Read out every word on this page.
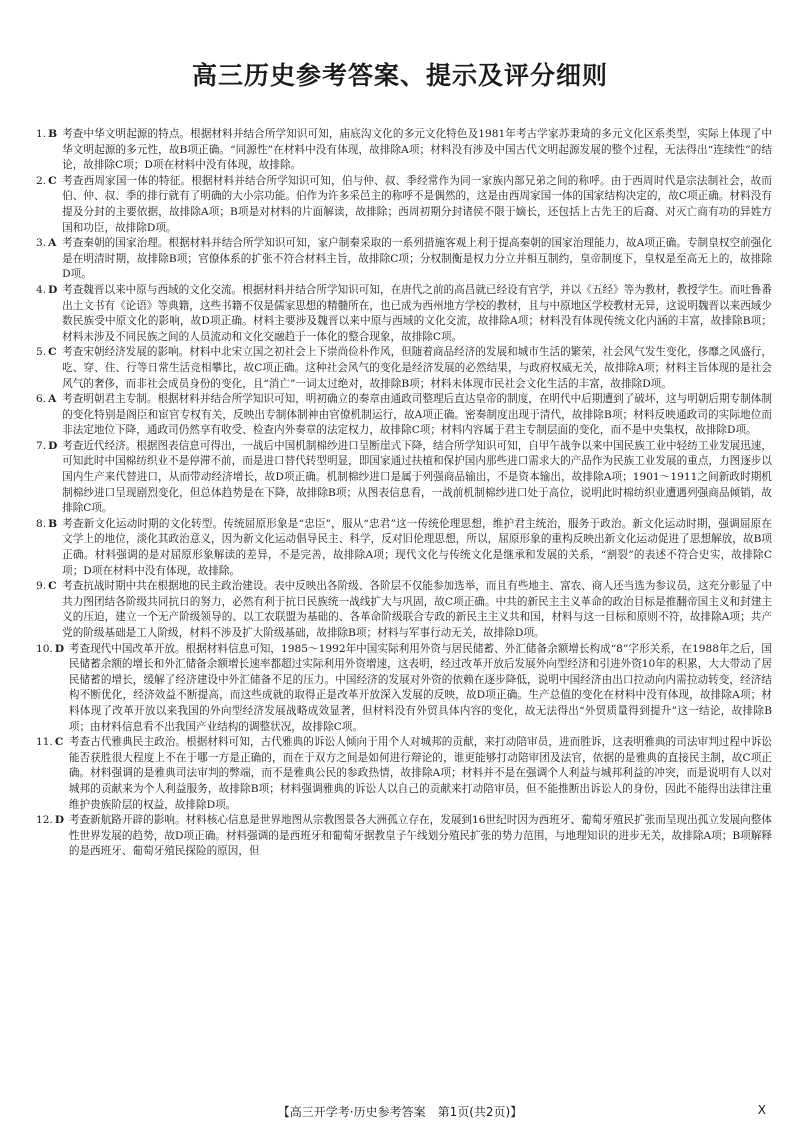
高三历史参考答案、提示及评分细则
1. B 考查中华文明起源的特点。根据材料并结合所学知识可知，庙底沟文化的多元文化特色及1981年考古学家苏秉琦的多元文化区系类型，实际上体现了中华文明起源的多元性，故B项正确。“同源性”在材料中没有体现，故排除A项；材料没有涉及中国古代文明起源发展的整个过程，无法得出“连续性”的结论，故排除C项；D项在材料中没有体现，故排除。
2. C 考查西周家国一体的特征。根据材料并结合所学知识可知，伯与仲、叔、季经常作为同一家族内部兄弟之间的称呼。由于西周时代是宗法制社会，故而伯、仲、叔、季的排行就有了明确的大小宗功能。伯作为许多采邑主的称呼不是偶然的，这是由西周家国一体的国家结构决定的，故C项正确。材料没有提及分封的主要依据，故排除A项；B项是对材料的片面解读，故排除；西周初期分封诸侯不限于嫡长，还包括上古先王的后裔、对灭亡商有功的异姓方国和功臣，故排除D项。
3. A 考查秦朝的国家治理。根据材料并结合所学知识可知，家户制秦采取的一系列措施客观上利于提高秦朝的国家治理能力，故A项正确。专制皇权空前强化是在明清时期，故排除B项；官僚体系的扩张不符合材料主旨，故排除C项；分权制衡是权力分立并相互制约，皇帝制度下，皇权是至高无上的，故排除D项。
4. D 考查魏晋以来中原与西域的文化交流。根据材料并结合所学知识可知，在唐代之前的高昌就已经设有官学，并以《五经》等为教材，教授学生。而吐鲁番出土文书有《论语》等典籍，这些书籍不仅是儒家思想的精髓所在，也已成为西州地方学校的教材，且与中原地区学校教材无异，这说明魏晋以来西域少数民族受中原文化的影响，故D项正确。材料主要涉及魏晋以来中原与西域的文化交流，故排除A项；材料没有体现传统文化内涵的丰富，故排除B项；材料未涉及不同民族之间的人员流动和文化交融趋于一体化的整合现象，故排除C项。
5. C 考查宋朝经济发展的影响。材料中北宋立国之初社会上下崇尚俭朴作风，但随着商品经济的发展和城市生活的繁荣，社会风气发生变化，侈靡之风盛行，吃、穿、住、行等日常生活竞相攀比，故C项正确。这种社会风气的变化是经济发展的必然结果，与政府权威无关，故排除A项；材料主旨体现的是社会风气的奢侈，而非社会成员身份的变化，且“消亡”一词太过绝对，故排除B项；材料未体现市民社会文化生活的丰富，故排除D项。
6. A 考查明朝君主专制。根据材料并结合所学知识可知，明初确立的奏章由通政司整理后直达皇帝的制度，在明代中后期遭到了破坏，这与明朝后期专制体制的变化特别是阁臣和宦官专权有关，反映出专制体制神由官僚机制运行，故A项正确。密奏制度出现于清代，故排除B项；材料反映通政司的实际地位而非法定地位下降，通政司仍然享有收受、检查内外奏章的法定权力，故排除C项；材料内容属于君主专制层面的变化，而不是中央集权，故排除D项。
7. D 考查近代经济。根据图表信息可得出，一战后中国机制棉纱进口呈断崖式下降，结合所学知识可知，自甲午战争以来中国民族工业中轻纺工业发展迅速，可知此时中国棉纺织业不是停滞不前，而是进口替代转型明显，即国家通过扶植和保护国内那些进口需求大的产品作为民族工业发展的重点，力图逐步以国内生产来代替进口，从而带动经济增长，故D项正确。机制棉纱进口是属于列强商品输出，不是资本输出，故排除A项；1901～1911之间新政时期机制棉纱进口呈现剧烈变化，但总体趋势是在下降，故排除B项；从图表信息看，一战前机制棉纱进口处于高位，说明此时棉纺织业遭遇列强商品倾销，故排除C项。
8. B 考查新文化运动时期的文化转型。传统屈原形象是“忠臣”，服从“忠君”这一传统伦理思想，维护君主统治，服务于政治。新文化运动时期，强调屈原在文学上的地位，淡化其政治意义，因为新文化运动倡导民主、科学，反对旧伦理思想，所以，屈原形象的重构反映出新文化运动促进了思想解放，故B项正确。材料强调的是对屈原形象解读的差异，不是完善，故排除A项；现代文化与传统文化是继承和发展的关系，“割裂”的表述不符合史实，故排除C项；D项在材料中没有体现，故排除。
9. C 考查抗战时期中共在根据地的民主政治建设。表中反映出各阶级、各阶层不仅能参加选举，而且有些地主、富农、商人还当选为参议员，这充分彰显了中共力图团结各阶级共同抗日的努力，必然有利于抗日民族统一战线扩大与巩固，故C项正确。中共的新民主主义革命的政治目标是推翻帝国主义和封建主义的压迫，建立一个无产阶级领导的、以工农联盟为基础的、各革命阶级联合专政的新民主主义共和国，材料与这一目标和原则不符，故排除A项；共产党的阶级基础是工人阶级，材料不涉及扩大阶级基础，故排除B项；材料与军事行动无关，故排除D项。
10. D 考查现代中国改革开放。根据材料信息可知，1985～1992年中国实际利用外资与居民储蓄、外汇储备余额增长构成“8”字形关系，在1988年之后，国民储蓄余额的增长和外汇储备余额增长速率都超过实际利用外资增速，这表明，经过改革开放后发展外向型经济和引进外资10年的积累，大大带动了居民储蓄的增长，缓解了经济建设中外汇储备不足的压力。中国经济的发展对外资的依赖在逐步降低，说明中国经济由出口拉动向内需拉动转变，经济结构不断优化，经济效益不断提高，而这些成就的取得正是改革开放深入发展的反映，故D项正确。生产总值的变化在材料中没有体现，故排除A项；材料体现了改革开放以来我国的外向型经济发展战略成效显著，但材料没有外贸具体内容的变化，故无法得出“外贸质量得到提升”这一结论，故排除B项；由材料信息看不出我国产业结构的调整状况，故排除C项。
11. C 考查古代雅典民主政治。根据材料可知，古代雅典的诉讼人倾向于用个人对城邦的贡献，来打动陪审员，进而胜诉，这表明雅典的司法审判过程中诉讼能否获胜很大程度上不在于哪一方是正确的，而在于双方之间是如何进行辩论的，谁更能够打动陪审团及法官，依据的是雅典的直接民主制，故C项正确。材料强调的是雅典司法审判的弊端，而不是雅典公民的参政热情，故排除A项；材料并不是在强调个人利益与城邦利益的冲突，而是说明有人以对城邦的贡献来为个人利益服务，故排除B项；材料强调雅典的诉讼人以自己的贡献来打动陪审员，但不能推断出诉讼人的身份，因此不能得出法律注重维护贵族阶层的权益，故排除D项。
12. D 考查新航路开辟的影响。材料核心信息是世界地图从宗教图景各大洲孤立存在，发展到16世纪时因为西班牙、葡萄牙殖民扩张而呈现出孤立发展向整体性世界发展的趋势，故D项正确。材料强调的是西班牙和葡萄牙据教皇子午线划分殖民扩张的势力范围，与地理知识的进步无关，故排除A项；B项解释的是西班牙、葡萄牙殖民探险的原因，但
【高三开学考·历史参考答案　第1页(共2页)】	X
